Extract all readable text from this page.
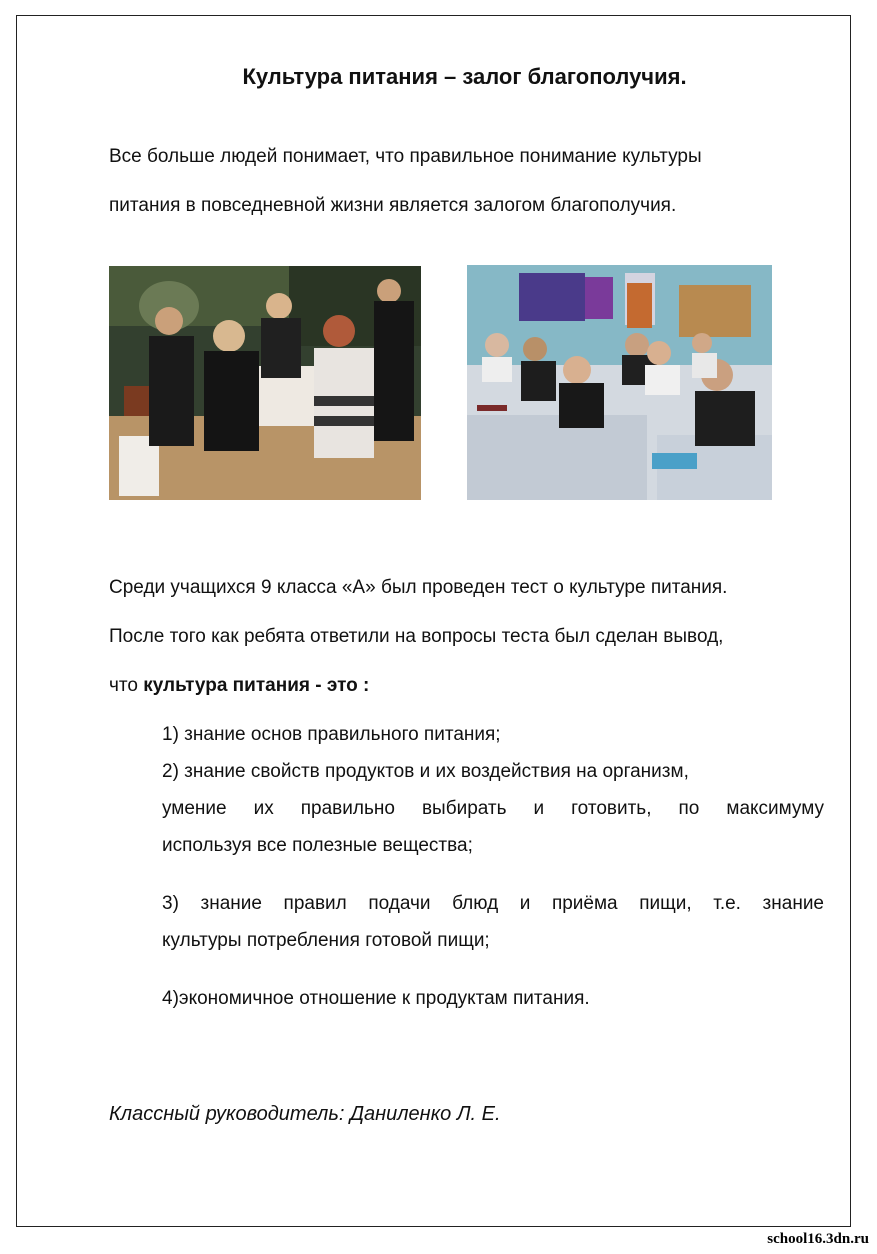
Культура питания – залог благополучия.
Все больше людей понимает, что правильное понимание культуры
питания в повседневной жизни является залогом благополучия.
Среди учащихся 9 класса «А» был проведен тест о культуре питания.
После того как ребята ответили на вопросы теста был сделан вывод,
что культура питания - это :
1) знание основ правильного питания;
2) знание свойств продуктов и их воздействия на организм,
умение их правильно выбирать и готовить, по максимуму
используя все полезные вещества;
3) знание правил подачи блюд и приёма пищи, т.е. знание
культуры потребления готовой пищи;
4)экономичное отношение к продуктам питания.
Классный руководитель: Даниленко Л. Е.
school16.3dn.ru
